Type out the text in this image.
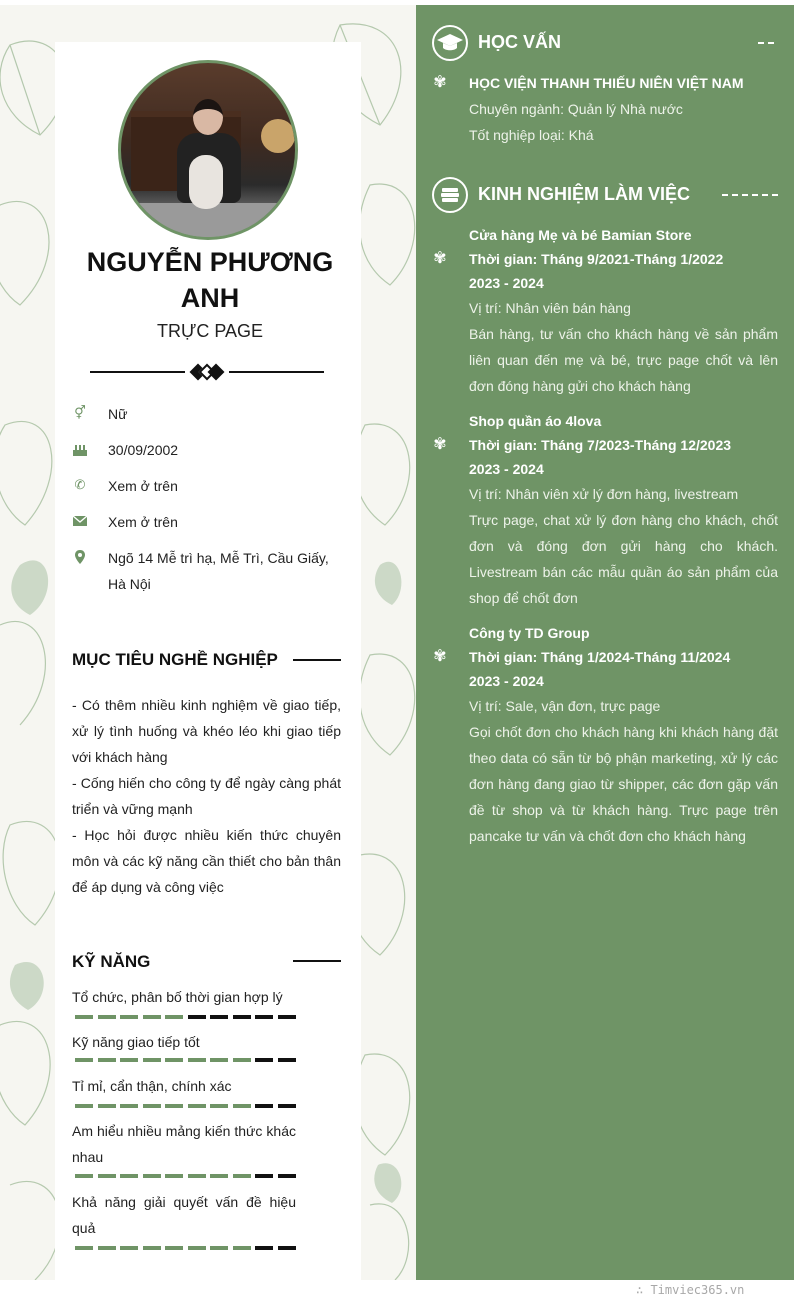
NGUYỄN PHƯƠNG ANH
TRỰC PAGE
⚥ Nữ
30/09/2002
✆ Xem ở trên
Xem ở trên
Ngõ 14 Mễ trì hạ, Mễ Trì, Cầu Giấy, Hà Nội
MỤC TIÊU NGHỀ NGHIỆP

- Có thêm nhiều kinh nghiệm về giao tiếp, xử lý tình huống và khéo léo khi giao tiếp với khách hàng

- Cống hiến cho công ty để ngày càng phát triển và vững mạnh

- Học hỏi được nhiều kiến thức chuyên môn và các kỹ năng cần thiết cho bản thân để áp dụng và công việc

KỸ NĂNG
Tổ chức, phân bố thời gian hợp lý
Kỹ năng giao tiếp tốt
Tỉ mỉ, cẩn thận, chính xác
Am hiểu nhiều mảng kiến thức khác nhau
Khả năng giải quyết vấn đề hiệu quả
HỌC VẤN
✾ HỌC VIỆN THANH THIẾU NIÊN VIỆT NAM
Chuyên ngành: Quản lý Nhà nước
Tốt nghiệp loại: Khá
KINH NGHIỆM LÀM VIỆC
Cửa hàng Mẹ và bé Bamian Store
✾ Thời gian: Tháng 9/2021-Tháng 1/2022
2023 - 2024
Vị trí: Nhân viên bán hàng
Bán hàng, tư vấn cho khách hàng về sản phẩm liên quan đến mẹ và bé, trực page chốt và lên đơn đóng hàng gửi cho khách hàng
Shop quần áo 4lova
✾ Thời gian: Tháng 7/2023-Tháng 12/2023
2023 - 2024
Vị trí: Nhân viên xử lý đơn hàng, livestream
Trực page, chat xử lý đơn hàng cho khách, chốt đơn và đóng đơn gửi hàng cho khách. Livestream bán các mẫu quần áo sản phẩm của shop để chốt đơn
Công ty TD Group
✾ Thời gian: Tháng 1/2024-Tháng 11/2024
2023 - 2024
Vị trí: Sale, vận đơn, trực page
Gọi chốt đơn cho khách hàng khi khách hàng đặt theo data có sẵn từ bộ phận marketing, xử lý các đơn hàng đang giao từ shipper, các đơn gặp vấn đề từ shop và từ khách hàng. Trực page trên pancake tư vấn và chốt đơn cho khách hàng
∴ Timviec365.vn
